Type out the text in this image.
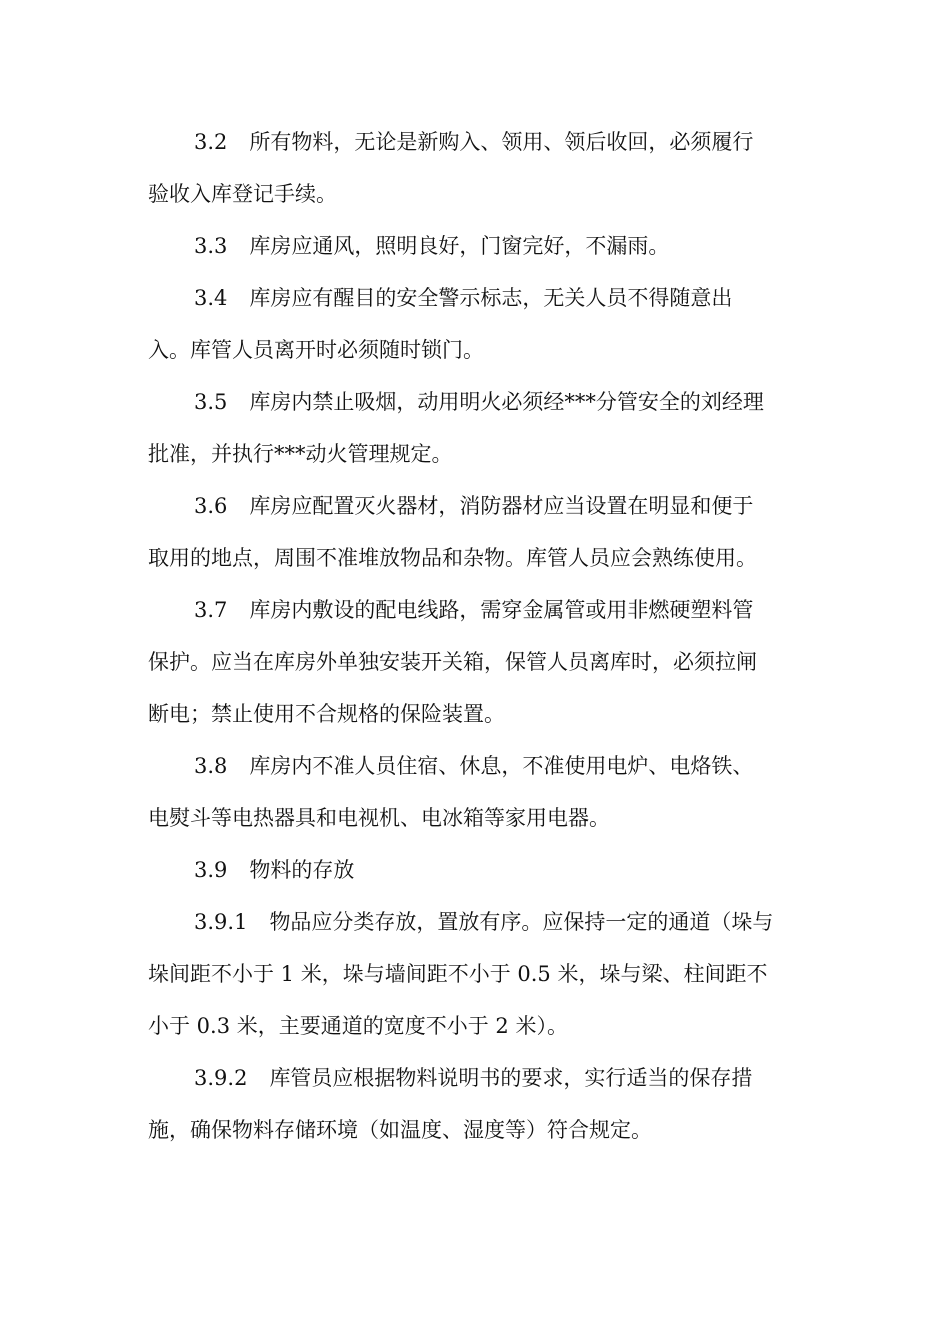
3.2 所有物料，无论是新购入、领用、领后收回，必须履行
验收入库登记手续。

3.3 库房应通风，照明良好，门窗完好，不漏雨。

3.4 库房应有醒目的安全警示标志，无关人员不得随意出
入。库管人员离开时必须随时锁门。

3.5 库房内禁止吸烟，动用明火必须经***分管安全的刘经理
批准，并执行***动火管理规定。

3.6 库房应配置灭火器材，消防器材应当设置在明显和便于
取用的地点，周围不准堆放物品和杂物。库管人员应会熟练使用。

3.7 库房内敷设的配电线路，需穿金属管或用非燃硬塑料管
保护。应当在库房外单独安装开关箱，保管人员离库时，必须拉闸
断电；禁止使用不合规格的保险装置。

3.8 库房内不准人员住宿、休息，不准使用电炉、电烙铁、
电熨斗等电热器具和电视机、电冰箱等家用电器。

3.9 物料的存放

3.9.1 物品应分类存放，置放有序。应保持一定的通道（垛与
垛间距不小于 1 米，垛与墙间距不小于 0.5 米，垛与梁、柱间距不
小于 0.3 米，主要通道的宽度不小于 2 米）。

3.9.2 库管员应根据物料说明书的要求，实行适当的保存措
施，确保物料存储环境（如温度、湿度等）符合规定。
